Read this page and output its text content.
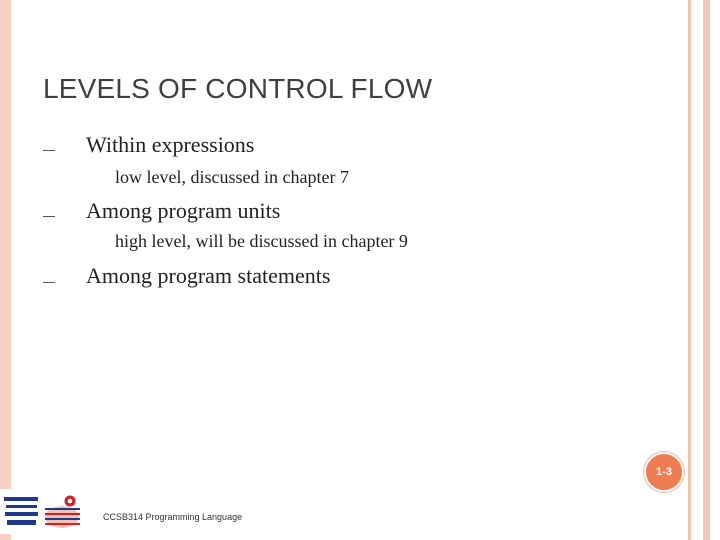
LEVELS OF CONTROL FLOW
Within expressions
low level, discussed in chapter 7
Among program units
high level, will be discussed in chapter 9
Among program statements
1-3
CCSB314 Programming Language
